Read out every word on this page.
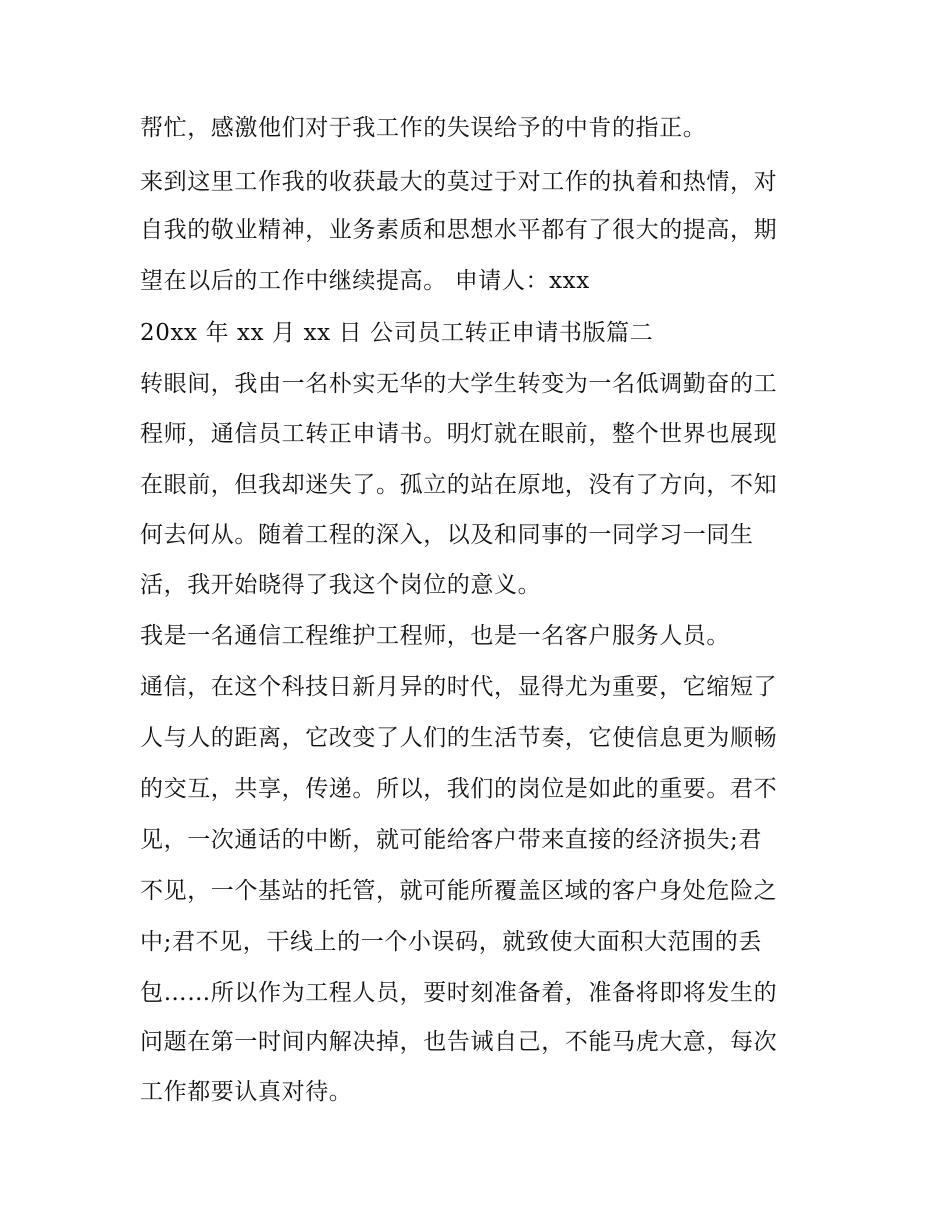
帮忙，感激他们对于我工作的失误给予的中肯的指正。

来到这里工作我的收获最大的莫过于对工作的执着和热情，对

自我的敬业精神，业务素质和思想水平都有了很大的提高，期

望在以后的工作中继续提高。 申请人：xxx

20xx 年 xx 月 xx 日 公司员工转正申请书版篇二

转眼间，我由一名朴实无华的大学生转变为一名低调勤奋的工

程师，通信员工转正申请书。明灯就在眼前，整个世界也展现

在眼前，但我却迷失了。孤立的站在原地，没有了方向，不知

何去何从。随着工程的深入，以及和同事的一同学习一同生

活，我开始晓得了我这个岗位的意义。

我是一名通信工程维护工程师，也是一名客户服务人员。

通信，在这个科技日新月异的时代，显得尤为重要，它缩短了

人与人的距离，它改变了人们的生活节奏，它使信息更为顺畅

的交互，共享，传递。所以，我们的岗位是如此的重要。君不

见，一次通话的中断，就可能给客户带来直接的经济损失;君

不见，一个基站的托管，就可能所覆盖区域的客户身处危险之

中;君不见，干线上的一个小误码，就致使大面积大范围的丢

包……所以作为工程人员，要时刻准备着，准备将即将发生的

问题在第一时间内解决掉，也告诫自己，不能马虎大意，每次

工作都要认真对待。
